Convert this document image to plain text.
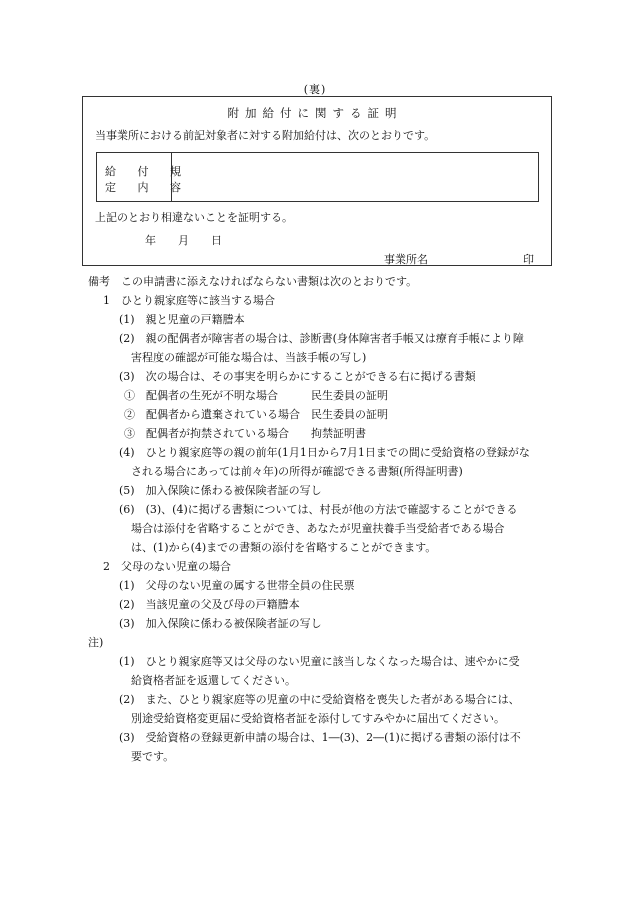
(裏)
附加給付に関する証明
当事業所における前記対象者に対する附加給付は、次のとおりです。
給 付 規
定 内 容
上記のとおり相違ないことを証明する。
年　　月　　日
事業所名	印
備考　この申請書に添えなければならない書類は次のとおりです。
1　ひとり親家庭等に該当する場合
(1)　親と児童の戸籍謄本
(2)　親の配偶者が障害者の場合は、診断書(身体障害者手帳又は療育手帳により障
害程度の確認が可能な場合は、当該手帳の写し)
(3)　次の場合は、その事実を明らかにすることができる右に掲げる書類
①　配偶者の生死が不明な場合　　　民生委員の証明
②　配偶者から遺棄されている場合　民生委員の証明
③　配偶者が拘禁されている場合　　拘禁証明書
(4)　ひとり親家庭等の親の前年(1月1日から7月1日までの間に受給資格の登録がな
される場合にあっては前々年)の所得が確認できる書類(所得証明書)
(5)　加入保険に係わる被保険者証の写し
(6)　(3)、(4)に掲げる書類については、村長が他の方法で確認することができる
場合は添付を省略することができ、あなたが児童扶養手当受給者である場合
は、(1)から(4)までの書類の添付を省略することができます。
2　父母のない児童の場合
(1)　父母のない児童の属する世帯全員の住民票
(2)　当該児童の父及び母の戸籍謄本
(3)　加入保険に係わる被保険者証の写し
注)
(1)　ひとり親家庭等又は父母のない児童に該当しなくなった場合は、速やかに受
給資格者証を返還してください。
(2)　また、ひとり親家庭等の児童の中に受給資格を喪失した者がある場合には、
別途受給資格変更届に受給資格者証を添付してすみやかに届出てください。
(3)　受給資格の登録更新申請の場合は、1―(3)、2―(1)に掲げる書類の添付は不
要です。
